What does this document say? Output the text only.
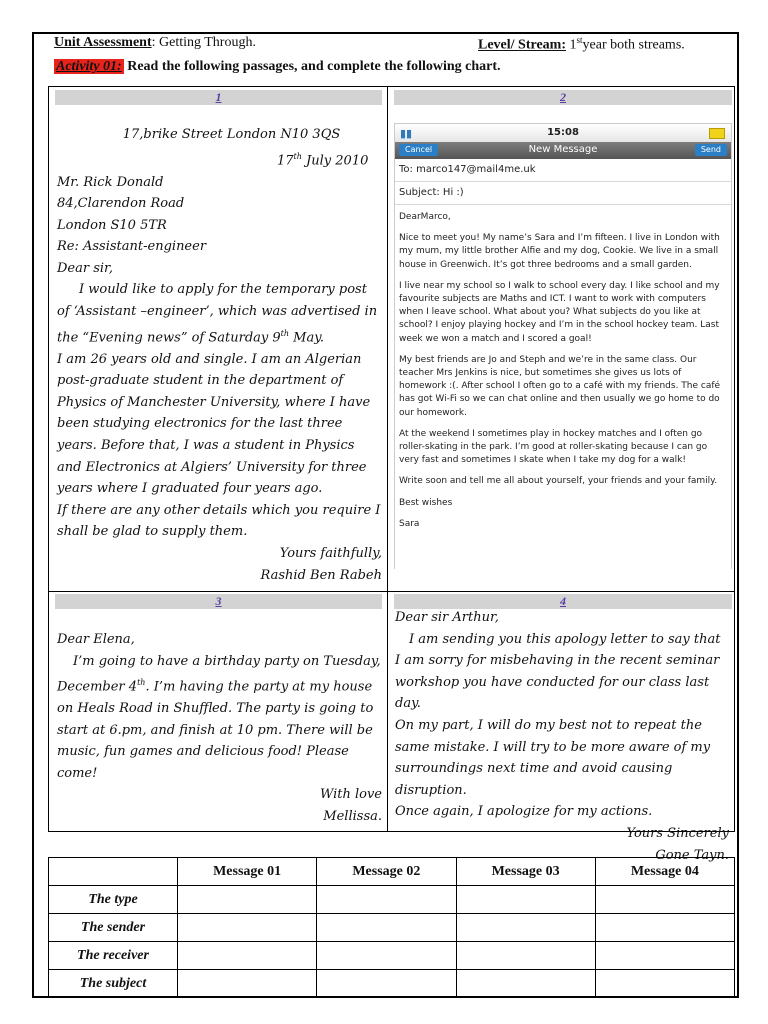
Unit Assessment: Getting Through.	Level/ Stream: 1styear both streams.
Activity 01: Read the following passages, and complete the following chart.
1	2
3	4

17,brike Street London N10 3QS

17th July 2010

Mr. Rick Donald

84,Clarendon Road

London S10 5TR

Re: Assistant-engineer

Dear sir,

I would like to apply for the temporary post of ‘Assistant –engineer’, which was advertised in the “Evening news” of Saturday 9th May.

I am 26 years old and single. I am an Algerian post-graduate student in the department of Physics of Manchester University, where I have been studying electronics for the last three years. Before that, I was a student in Physics and Electronics at Algiers’ University for three years where I graduated four years ago.

If there are any other details which you require I shall be glad to supply them.

Yours faithfully,

Rashid Ben Rabeh

▮▮	15:08
Cancel	New Message	Send
To: marco147@mail4me.uk
Subject: Hi :)

DearMarco,

Nice to meet you! My name’s Sara and I’m fifteen. I live in London with my mum, my little brother Alfie and my dog, Cookie. We live in a small house in Greenwich. It’s got three bedrooms and a small garden.

I live near my school so I walk to school every day. I like school and my favourite subjects are Maths and ICT. I want to work with computers when I leave school. What about you? What subjects do you like at school? I enjoy playing hockey and I’m in the school hockey team. Last week we won a match and I scored a goal!

My best friends are Jo and Steph and we’re in the same class. Our teacher Mrs Jenkins is nice, but sometimes she gives us lots of homework :(. After school I often go to a café with my friends. The café has got Wi-Fi so we can chat online and then usually we go home to do our homework.

At the weekend I sometimes play in hockey matches and I often go roller-skating in the park. I’m good at roller-skating because I can go very fast and sometimes I skate when I take my dog for a walk!

Write soon and tell me all about yourself, your friends and your family.

Best wishes

Sara

Dear Elena,

I’m going to have a birthday party on Tuesday, December 4th. I’m having the party at my house on Heals Road in Shuffled. The party is going to start at 6.pm, and finish at 10 pm. There will be music, fun games and delicious food! Please come!

With love

Mellissa.

Dear sir Arthur,

I am sending you this apology letter to say that I am sorry for misbehaving in the recent seminar workshop you have conducted for our class last day.

On my part, I will do my best not to repeat the same mistake. I will try to be more aware of my surroundings next time and avoid causing disruption.

Once again, I apologize for my actions.

Yours Sincerely

Gone Tayn.

	Message 01	Message 02	Message 03	Message 04
The type				
The sender				
The receiver				
The subject				
